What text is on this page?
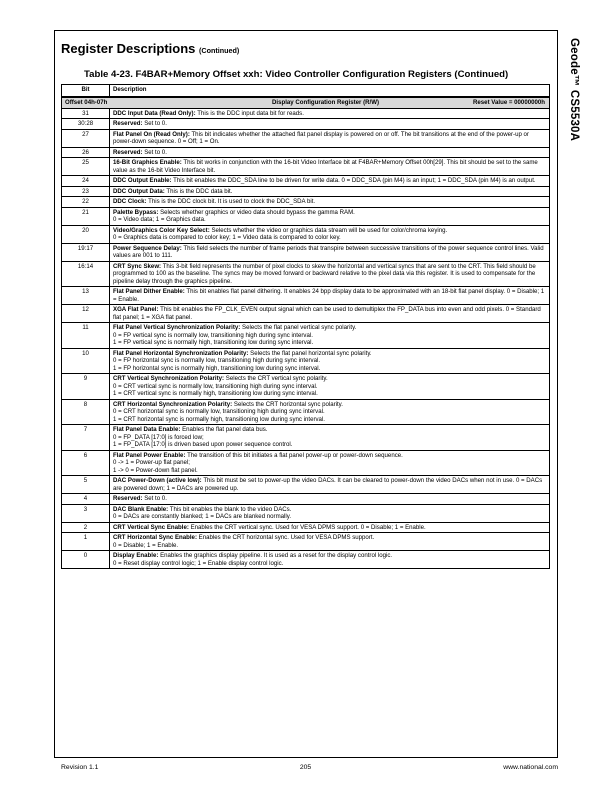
Geode™ CS5530A
Register Descriptions (Continued)
Table 4-23. F4BAR+Memory Offset xxh: Video Controller Configuration Registers (Continued)
Bit	Description

Offset 04h-07h Display Configuration Register (R/W) Reset Value = 00000000h	

31	DDC Input Data (Read Only): This is the DDC input data bit for reads.
30:28	Reserved: Set to 0.
27	Flat Panel On (Read Only): This bit indicates whether the attached flat panel display is powered on or off. The bit transitions at the end of the power-up or power-down sequence. 0 = Off; 1 = On.
26	Reserved: Set to 0.
25	16-Bit Graphics Enable: This bit works in conjunction with the 16-bit Video Interface bit at F4BAR+Memory Offset 00h[29]. This bit should be set to the same value as the 16-bit Video Interface bit.
24	DDC Output Enable: This bit enables the DDC_SDA line to be driven for write data. 0 = DDC_SDA (pin M4) is an input; 1 = DDC_SDA (pin M4) is an output.
23	DDC Output Data: This is the DDC data bit.
22	DDC Clock: This is the DDC clock bit. It is used to clock the DDC_SDA bit.
21	Palette Bypass: Selects whether graphics or video data should bypass the gamma RAM.
0 = Video data; 1 = Graphics data.

20	Video/Graphics Color Key Select: Selects whether the video or graphics data stream will be used for color/chroma keying.
0 = Graphics data is compared to color key; 1 = Video data is compared to color key.

19:17	Power Sequence Delay: This field selects the number of frame periods that transpire between successive transitions of the power sequence control lines. Valid values are 001 to 111.
16:14	CRT Sync Skew: This 3-bit field represents the number of pixel clocks to skew the horizontal and vertical syncs that are sent to the CRT. This field should be programmed to 100 as the baseline. The syncs may be moved forward or backward relative to the pixel data via this register. It is used to compensate for the pipeline delay through the graphics pipeline.
13	Flat Panel Dither Enable: This bit enables flat panel dithering. It enables 24 bpp display data to be approximated with an 18-bit flat panel display. 0 = Disable; 1 = Enable.
12	XGA Flat Panel: This bit enables the FP_CLK_EVEN output signal which can be used to demultiplex the FP_DATA bus into even and odd pixels. 0 = Standard flat panel; 1 = XGA flat panel.
11	Flat Panel Vertical Synchronization Polarity: Selects the flat panel vertical sync polarity.
0 = FP vertical sync is normally low, transitioning high during sync interval.
1 = FP vertical sync is normally high, transitioning low during sync interval.

10	Flat Panel Horizontal Synchronization Polarity: Selects the flat panel horizontal sync polarity.
0 = FP horizontal sync is normally low, transitioning high during sync interval.
1 = FP horizontal sync is normally high, transitioning low during sync interval.

9	CRT Vertical Synchronization Polarity: Selects the CRT vertical sync polarity.
0 = CRT vertical sync is normally low, transitioning high during sync interval.
1 = CRT vertical sync is normally high, transitioning low during sync interval.

8	CRT Horizontal Synchronization Polarity: Selects the CRT horizontal sync polarity.
0 = CRT horizontal sync is normally low, transitioning high during sync interval.
1 = CRT horizontal sync is normally high, transitioning low during sync interval.

7	Flat Panel Data Enable: Enables the flat panel data bus.
0 = FP_DATA [17:0] is forced low;
1 = FP_DATA [17:0] is driven based upon power sequence control.

6	Flat Panel Power Enable: The transition of this bit initiates a flat panel power-up or power-down sequence.
0 -> 1 = Power-up flat panel;
1 -> 0 = Power-down flat panel.

5	DAC Power-Down (active low): This bit must be set to power-up the video DACs. It can be cleared to power-down the video DACs when not in use. 0 = DACs are powered down; 1 = DACs are powered up.
4	Reserved: Set to 0.
3	DAC Blank Enable: This bit enables the blank to the video DACs.
0 = DACs are constantly blanked; 1 = DACs are blanked normally.

2	CRT Vertical Sync Enable: Enables the CRT vertical sync. Used for VESA DPMS support. 0 = Disable; 1 = Enable.
1	CRT Horizontal Sync Enable: Enables the CRT horizontal sync. Used for VESA DPMS support.
0 = Disable; 1 = Enable.

0	Display Enable: Enables the graphics display pipeline. It is used as a reset for the display control logic.
0 = Reset display control logic; 1 = Enable display control logic.
Revision 1.1	205	www.national.com
